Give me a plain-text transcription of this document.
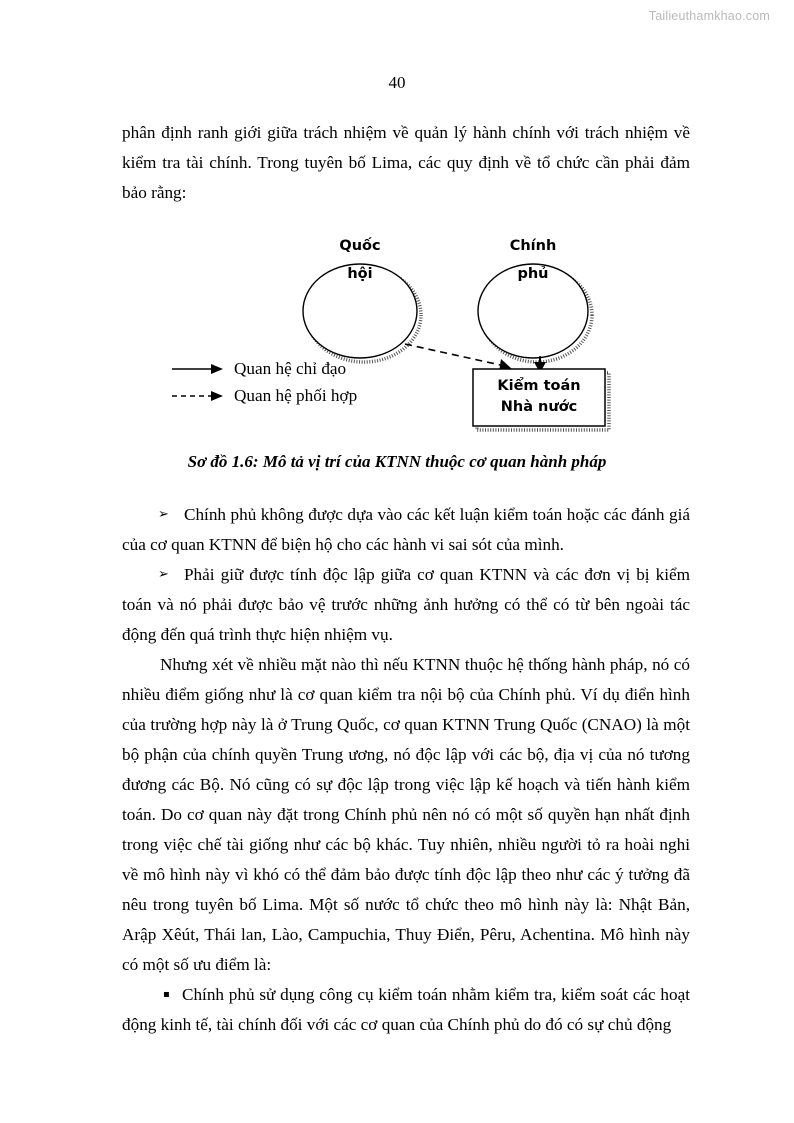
Tailieuthamkhao.com
40

phân định ranh giới giữa trách nhiệm về quản lý hành chính với trách nhiệm về kiểm tra tài chính. Trong tuyên bố Lima, các quy định về tổ chức cần phải đảm bảo rằng:

Quốc
hội
Chính
phủ
Kiểm toán
Nhà nước
Quan hệ chỉ đạo
Quan hệ phối hợp
Sơ đồ 1.6: Mô tả vị trí của KTNN thuộc cơ quan hành pháp
➢ Chính phủ không được dựa vào các kết luận kiểm toán hoặc các đánh giá của cơ quan KTNN để biện hộ cho các hành vi sai sót của mình.
➢ Phải giữ được tính độc lập giữa cơ quan KTNN và các đơn vị bị kiểm toán và nó phải được bảo vệ trước những ảnh hưởng có thể có từ bên ngoài tác động đến quá trình thực hiện nhiệm vụ.

Nhưng xét về nhiều mặt nào thì nếu KTNN thuộc hệ thống hành pháp, nó có nhiều điểm giống như là cơ quan kiểm tra nội bộ của Chính phủ. Ví dụ điển hình của trường hợp này là ở Trung Quốc, cơ quan KTNN Trung Quốc (CNAO) là một bộ phận của chính quyền Trung ương, nó độc lập với các bộ, địa vị của nó tương đương các Bộ. Nó cũng có sự độc lập trong việc lập kế hoạch và tiến hành kiểm toán. Do cơ quan này đặt trong Chính phủ nên nó có một số quyền hạn nhất định trong việc chế tài giống như các bộ khác. Tuy nhiên, nhiều người tỏ ra hoài nghi về mô hình này vì khó có thể đảm bảo được tính độc lập theo như các ý tưởng đã nêu trong tuyên bố Lima. Một số nước tổ chức theo mô hình này là: Nhật Bản, Arập Xêút, Thái lan, Lào, Campuchia, Thuy Điển, Pêru, Achentina. Mô hình này có một số ưu điểm là:

▪ Chính phủ sử dụng công cụ kiểm toán nhằm kiểm tra, kiểm soát các hoạt động kinh tế, tài chính đối với các cơ quan của Chính phủ do đó có sự chủ động
